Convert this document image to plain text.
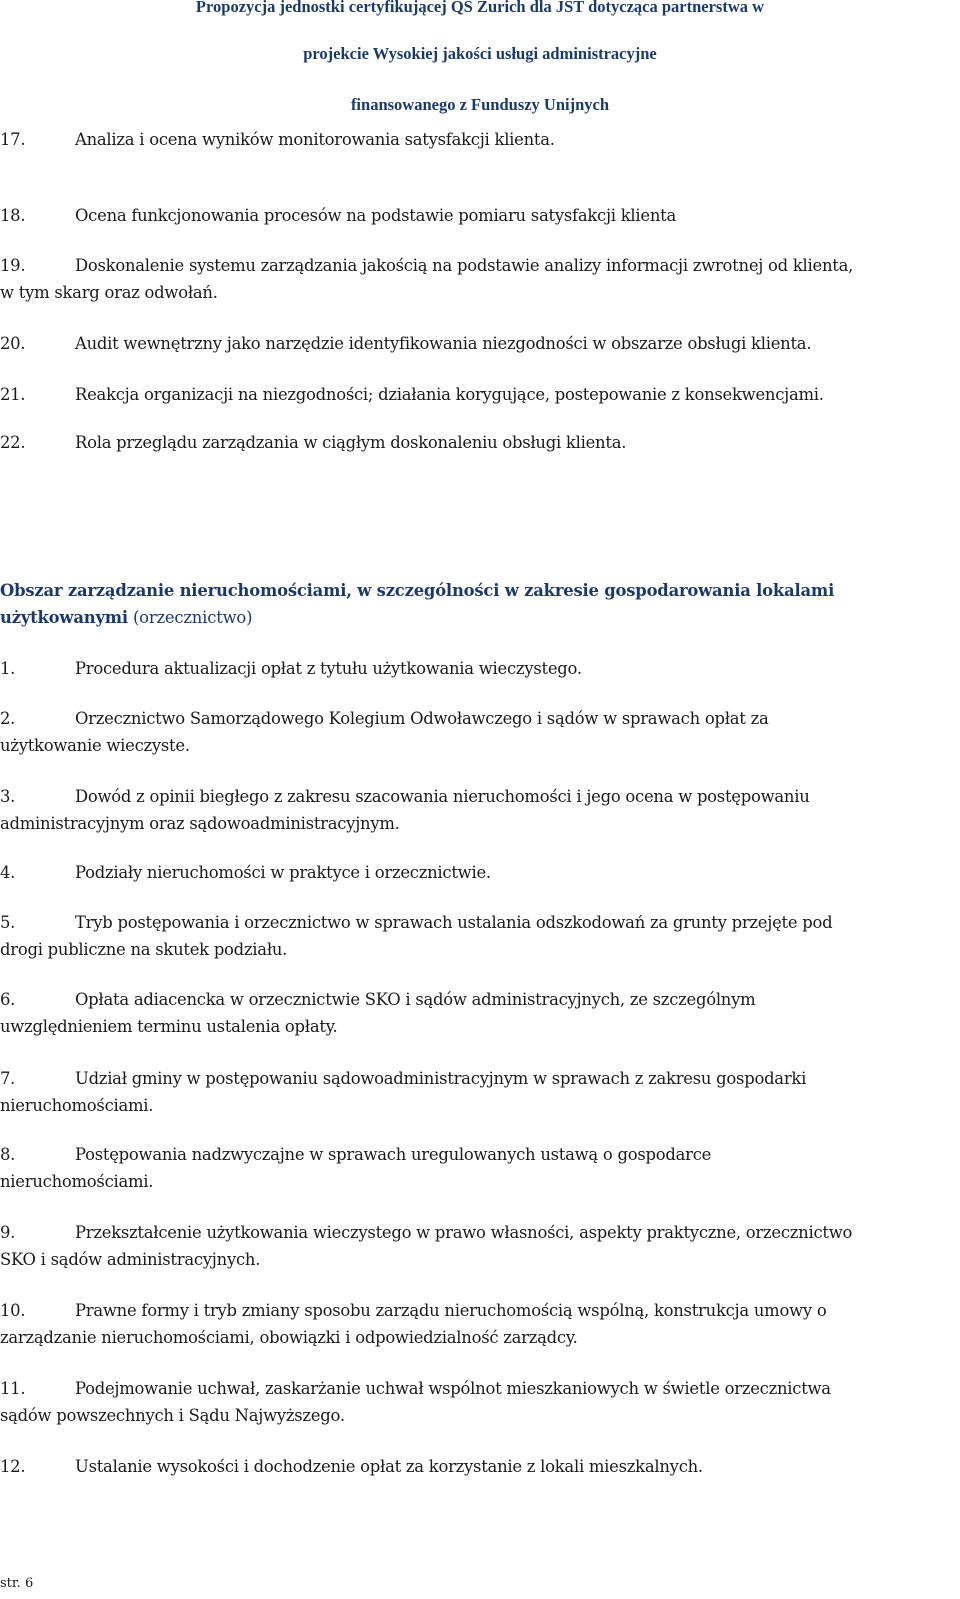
Propozycja jednostki certyfikującej QS Zurich dla JST dotycząca partnerstwa w
projekcie Wysokiej jakości usługi administracyjne
finansowanego z Funduszy Unijnych
17.	Analiza i ocena wyników monitorowania satysfakcji klienta.
18.	Ocena funkcjonowania procesów na podstawie pomiaru satysfakcji klienta
19.	Doskonalenie systemu zarządzania jakością na podstawie analizy informacji zwrotnej od klienta,
w tym skarg oraz odwołań.
20.	Audit wewnętrzny jako narzędzie identyfikowania niezgodności w obszarze obsługi klienta.
21.	Reakcja organizacji na niezgodności; działania korygujące, postepowanie z konsekwencjami.
22.	Rola przeglądu zarządzania w ciągłym doskonaleniu obsługi klienta.
Obszar zarządzanie nieruchomościami, w szczególności w zakresie gospodarowania lokalami
użytkowanymi (orzecznictwo)
1.	Procedura aktualizacji opłat z tytułu użytkowania wieczystego.
2.	Orzecznictwo Samorządowego Kolegium Odwoławczego i sądów w sprawach opłat za
użytkowanie wieczyste.
3.	Dowód z opinii biegłego z zakresu szacowania nieruchomości i jego ocena w postępowaniu
administracyjnym oraz sądowoadministracyjnym.
4.	Podziały nieruchomości w praktyce i orzecznictwie.
5.	Tryb postępowania i orzecznictwo w sprawach ustalania odszkodowań za grunty przejęte pod
drogi publiczne na skutek podziału.
6.	Opłata adiacencka w orzecznictwie SKO i sądów administracyjnych, ze szczególnym
uwzględnieniem terminu ustalenia opłaty.
7.	Udział gminy w postępowaniu sądowoadministracyjnym w sprawach z zakresu gospodarki
nieruchomościami.
8.	Postępowania nadzwyczajne w sprawach uregulowanych ustawą o gospodarce
nieruchomościami.
9.	Przekształcenie użytkowania wieczystego w prawo własności, aspekty praktyczne, orzecznictwo
SKO i sądów administracyjnych.
10.	Prawne formy i tryb zmiany sposobu zarządu nieruchomością wspólną, konstrukcja umowy o
zarządzanie nieruchomościami, obowiązki i odpowiedzialność zarządcy.
11.	Podejmowanie uchwał, zaskarżanie uchwał wspólnot mieszkaniowych w świetle orzecznictwa
sądów powszechnych i Sądu Najwyższego.
12.	Ustalanie wysokości i dochodzenie opłat za korzystanie z lokali mieszkalnych.
str. 6
